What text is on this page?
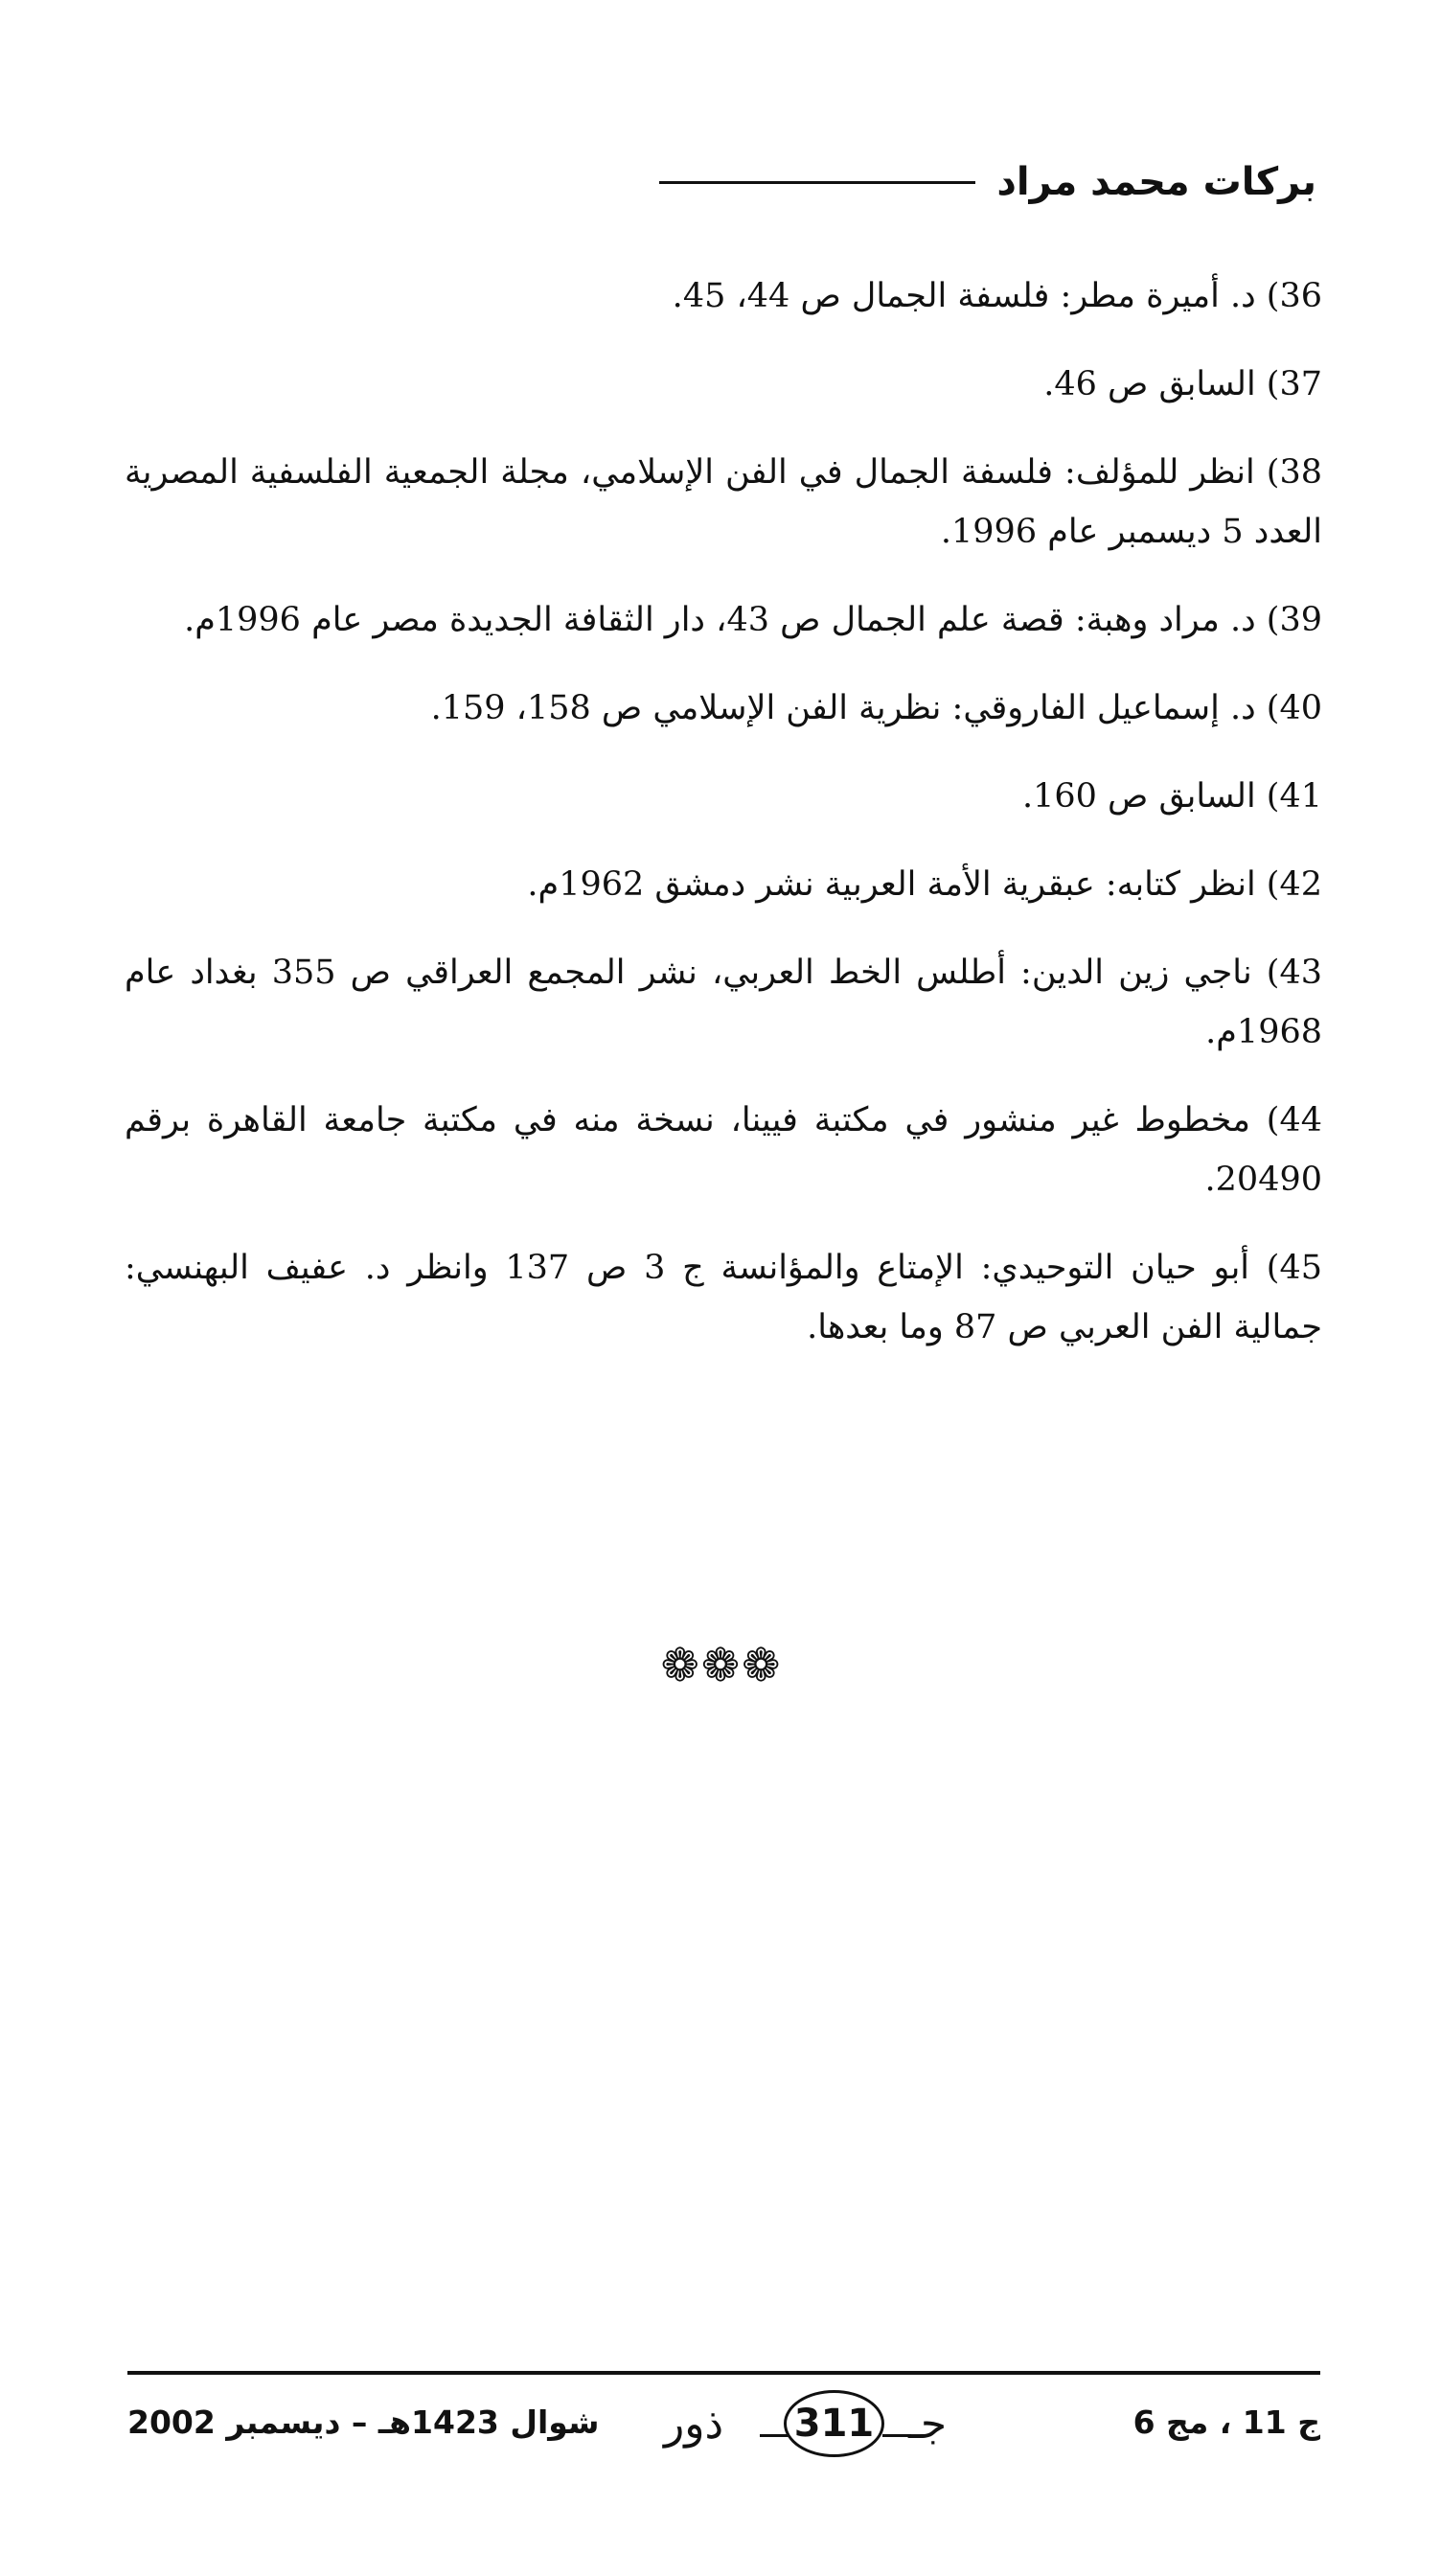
بركات محمد مراد

36) د. أميرة مطر: فلسفة الجمال ص 44، 45.

37) السابق ص 46.

38) انظر للمؤلف: فلسفة الجمال في الفن الإسلامي، مجلة الجمعية الفلسفية المصرية العدد 5 ديسمبر عام 1996.

39) د. مراد وهبة: قصة علم الجمال ص 43، دار الثقافة الجديدة مصر عام 1996م.

40) د. إسماعيل الفاروقي: نظرية الفن الإسلامي ص 158، 159.

41) السابق ص 160.

42) انظر كتابه: عبقرية الأمة العربية نشر دمشق 1962م.

43) ناجي زين الدين: أطلس الخط العربي، نشر المجمع العراقي ص 355 بغداد عام 1968م.

44) مخطوط غير منشور في مكتبة فيينا، نسخة منه في مكتبة جامعة القاهرة برقم 20490.

45) أبو حيان التوحيدي: الإمتاع والمؤانسة ج 3 ص 137 وانظر د. عفيف البهنسي: جمالية الفن العربي ص 87 وما بعدها.

❁ ❁ ❁
شوال 1423هـ – ديسمبر 2002 ذور 311 جـ	ج 11 ، مج 6
